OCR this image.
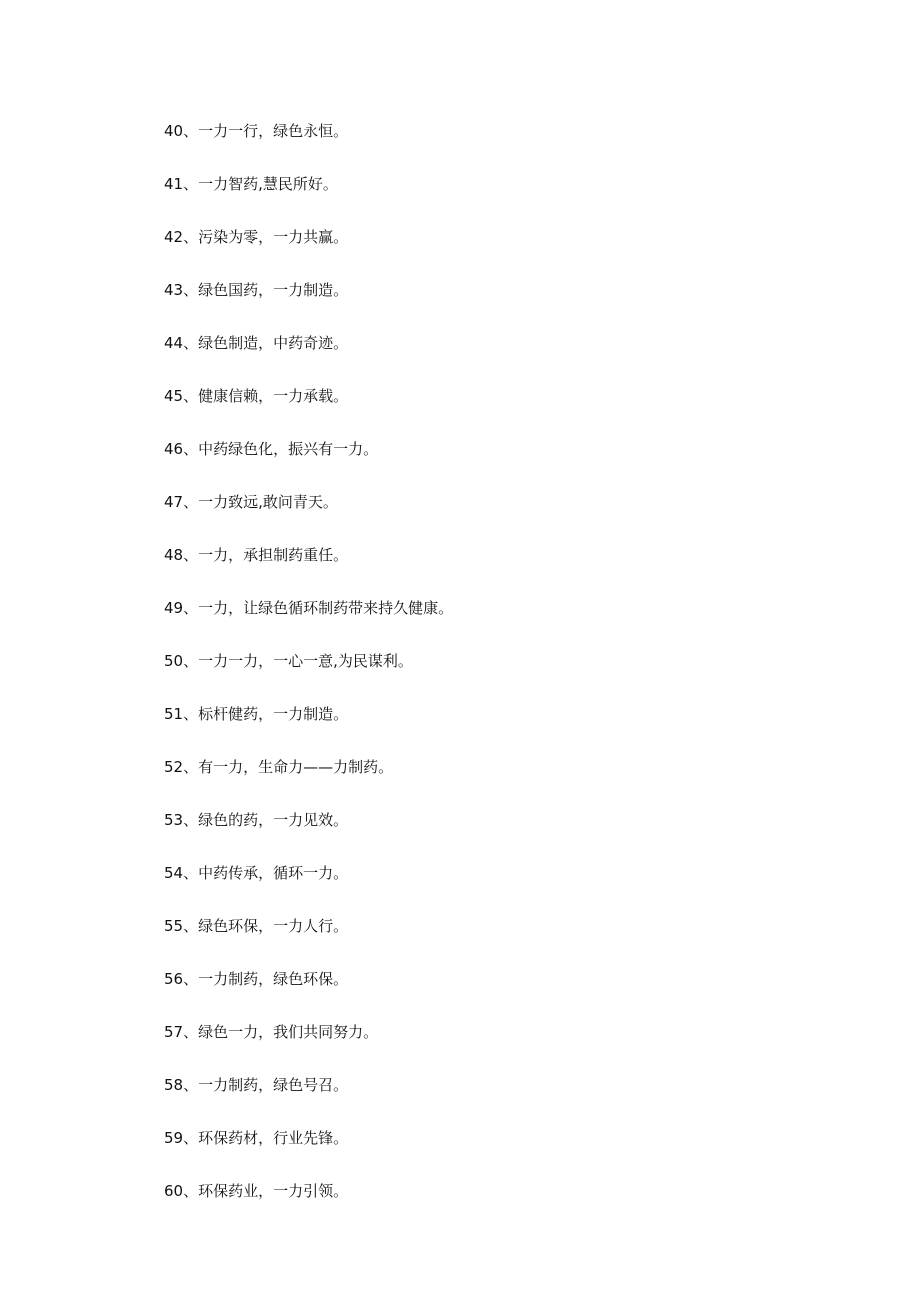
40、一力一行，绿色永恒。
41、一力智药,慧民所好。
42、污染为零，一力共赢。
43、绿色国药，一力制造。
44、绿色制造，中药奇迹。
45、健康信赖，一力承载。
46、中药绿色化，振兴有一力。
47、一力致远,敢问青天。
48、一力，承担制药重任。
49、一力，让绿色循环制药带来持久健康。
50、一力一力，一心一意,为民谋利。
51、标杆健药，一力制造。
52、有一力，生命力——力制药。
53、绿色的药，一力见效。
54、中药传承，循环一力。
55、绿色环保，一力人行。
56、一力制药，绿色环保。
57、绿色一力，我们共同努力。
58、一力制药，绿色号召。
59、环保药材，行业先锋。
60、环保药业，一力引领。
